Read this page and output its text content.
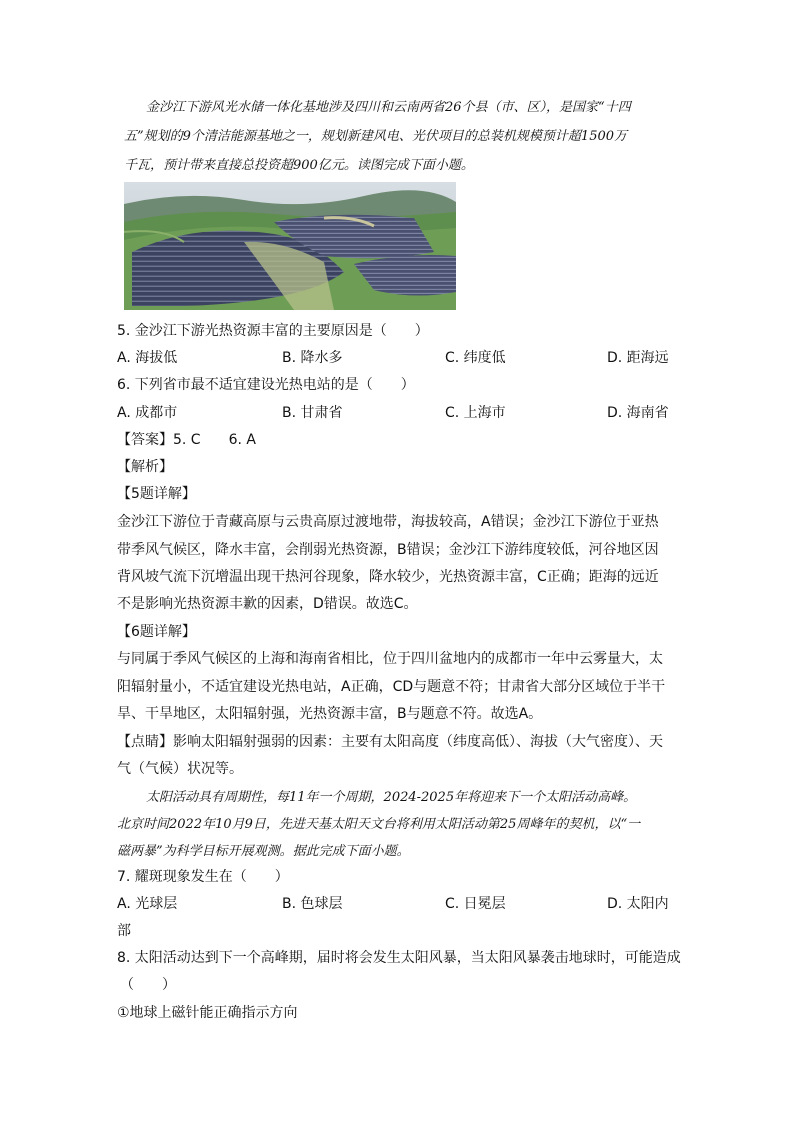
金沙江下游风光水储一体化基地涉及四川和云南两省26个县（市、区），是国家“十四
五”规划的9个清洁能源基地之一，规划新建风电、光伏项目的总装机规模预计超1500万
千瓦，预计带来直接总投资超900亿元。读图完成下面小题。
5. 金沙江下游光热资源丰富的主要原因是（　　）
A. 海拔低	B. 降水多	C. 纬度低	D. 距海远
6. 下列省市最不适宜建设光热电站的是（　　）
A. 成都市	B. 甘肃省	C. 上海市	D. 海南省
【答案】5. C　　6. A
【解析】
【5题详解】
金沙江下游位于青藏高原与云贵高原过渡地带，海拔较高，A错误；金沙江下游位于亚热
带季风气候区，降水丰富，会削弱光热资源，B错误；金沙江下游纬度较低，河谷地区因
背风坡气流下沉增温出现干热河谷现象，降水较少，光热资源丰富，C正确；距海的远近
不是影响光热资源丰歉的因素，D错误。故选C。
【6题详解】
与同属于季风气候区的上海和海南省相比，位于四川盆地内的成都市一年中云雾量大，太
阳辐射量小，不适宜建设光热电站，A正确，CD与题意不符；甘肃省大部分区域位于半干
旱、干旱地区，太阳辐射强，光热资源丰富，B与题意不符。故选A。
【点睛】影响太阳辐射强弱的因素：主要有太阳高度（纬度高低）、海拔（大气密度）、天
气（气候）状况等。
太阳活动具有周期性，每11年一个周期，2024-2025年将迎来下一个太阳活动高峰。
北京时间2022年10月9日，先进天基太阳天文台将利用太阳活动第25周峰年的契机，以“一
磁两暴”为科学目标开展观测。据此完成下面小题。
7. 耀斑现象发生在（　　）
A. 光球层	B. 色球层	C. 日冕层	D. 太阳内
部
8. 太阳活动达到下一个高峰期，届时将会发生太阳风暴，当太阳风暴袭击地球时，可能造成
（　　）
①地球上磁针能正确指示方向
